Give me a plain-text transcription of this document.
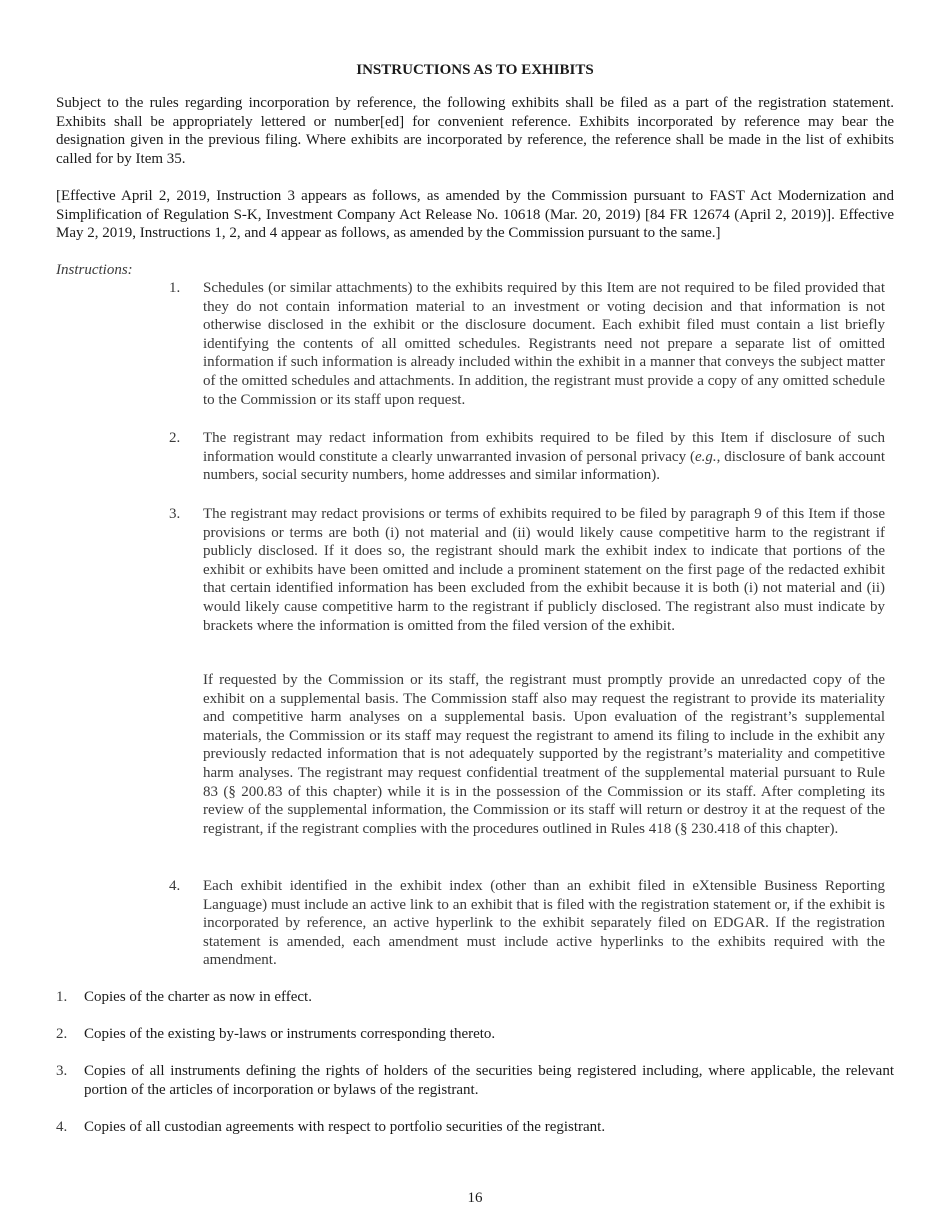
INSTRUCTIONS AS TO EXHIBITS
Subject to the rules regarding incorporation by reference, the following exhibits shall be filed as a part of the registration statement. Exhibits shall be appropriately lettered or number[ed] for convenient reference. Exhibits incorporated by reference may bear the designation given in the previous filing. Where exhibits are incorporated by reference, the reference shall be made in the list of exhibits called for by Item 35.
[Effective April 2, 2019, Instruction 3 appears as follows, as amended by the Commission pursuant to FAST Act Modernization and Simplification of Regulation S-K, Investment Company Act Release No. 10618 (Mar. 20, 2019) [84 FR 12674 (April 2, 2019)]. Effective May 2, 2019, Instructions 1, 2, and 4 appear as follows, as amended by the Commission pursuant to the same.]
Instructions:
1. Schedules (or similar attachments) to the exhibits required by this Item are not required to be filed provided that they do not contain information material to an investment or voting decision and that information is not otherwise disclosed in the exhibit or the disclosure document. Each exhibit filed must contain a list briefly identifying the contents of all omitted schedules. Registrants need not prepare a separate list of omitted information if such information is already included within the exhibit in a manner that conveys the subject matter of the omitted schedules and attachments. In addition, the registrant must provide a copy of any omitted schedule to the Commission or its staff upon request.
2. The registrant may redact information from exhibits required to be filed by this Item if disclosure of such information would constitute a clearly unwarranted invasion of personal privacy (e.g., disclosure of bank account numbers, social security numbers, home addresses and similar information).
3. The registrant may redact provisions or terms of exhibits required to be filed by paragraph 9 of this Item if those provisions or terms are both (i) not material and (ii) would likely cause competitive harm to the registrant if publicly disclosed. If it does so, the registrant should mark the exhibit index to indicate that portions of the exhibit or exhibits have been omitted and include a prominent statement on the first page of the redacted exhibit that certain identified information has been excluded from the exhibit because it is both (i) not material and (ii) would likely cause competitive harm to the registrant if publicly disclosed. The registrant also must indicate by brackets where the information is omitted from the filed version of the exhibit.
If requested by the Commission or its staff, the registrant must promptly provide an unredacted copy of the exhibit on a supplemental basis. The Commission staff also may request the registrant to provide its materiality and competitive harm analyses on a supplemental basis. Upon evaluation of the registrant’s supplemental materials, the Commission or its staff may request the registrant to amend its filing to include in the exhibit any previously redacted information that is not adequately supported by the registrant’s materiality and competitive harm analyses. The registrant may request confidential treatment of the supplemental material pursuant to Rule 83 (§ 200.83 of this chapter) while it is in the possession of the Commission or its staff. After completing its review of the supplemental information, the Commission or its staff will return or destroy it at the request of the registrant, if the registrant complies with the procedures outlined in Rules 418 (§ 230.418 of this chapter).
4. Each exhibit identified in the exhibit index (other than an exhibit filed in eXtensible Business Reporting Language) must include an active link to an exhibit that is filed with the registration statement or, if the exhibit is incorporated by reference, an active hyperlink to the exhibit separately filed on EDGAR. If the registration statement is amended, each amendment must include active hyperlinks to the exhibits required with the amendment.
1. Copies of the charter as now in effect.
2. Copies of the existing by-laws or instruments corresponding thereto.
3. Copies of all instruments defining the rights of holders of the securities being registered including, where applicable, the relevant portion of the articles of incorporation or bylaws of the registrant.
4. Copies of all custodian agreements with respect to portfolio securities of the registrant.
16
